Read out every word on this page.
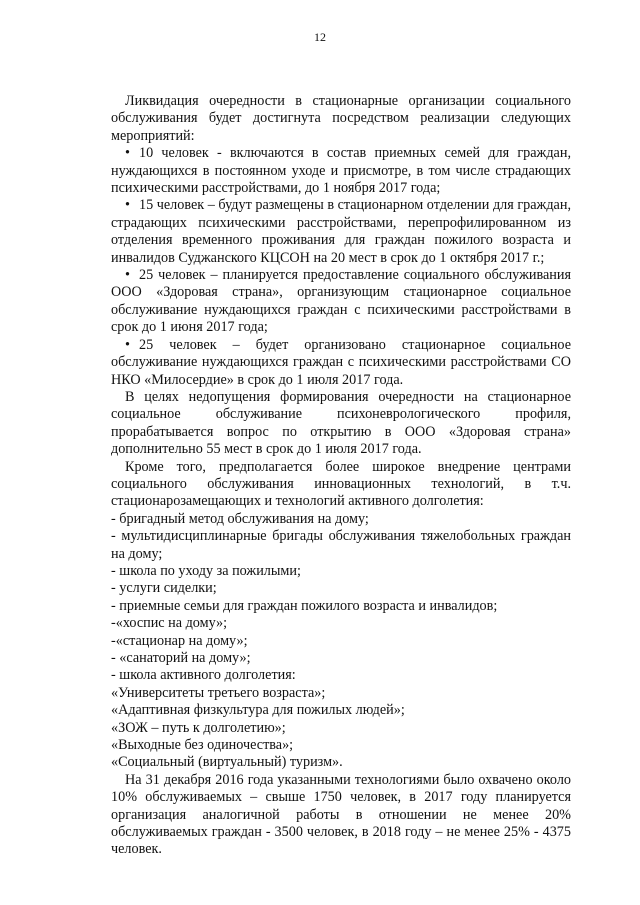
12

Ликвидация очередности в стационарные организации социального обслуживания будет достигнута посредством реализации следующих мероприятий:

• 10 человек - включаются в состав приемных семей для граждан, нуждающихся в постоянном уходе и присмотре, в том числе страдающих психическими расстройствами, до 1 ноября 2017 года;

• 15 человек – будут размещены в стационарном отделении для граждан, страдающих психическими расстройствами, перепрофилированном из отделения временного проживания для граждан пожилого возраста и инвалидов Суджанского КЦСОН на 20 мест в срок до 1 октября 2017 г.;

• 25 человек – планируется предоставление социального обслуживания ООО «Здоровая страна», организующим стационарное социальное обслуживание нуждающихся граждан с психическими расстройствами в срок до 1 июня 2017 года;

• 25 человек – будет организовано стационарное социальное обслуживание нуждающихся граждан с психическими расстройствами СО НКО «Милосердие» в срок до 1 июля 2017 года.

В целях недопущения формирования очередности на стационарное социальное обслуживание психоневрологического профиля, прорабатывается вопрос по открытию в ООО «Здоровая страна» дополнительно 55 мест в срок до 1 июля 2017 года.

Кроме того, предполагается более широкое внедрение центрами социального обслуживания инновационных технологий, в т.ч. стационарозамещающих и технологий активного долголетия:

- бригадный метод обслуживания на дому;

- мультидисциплинарные бригады обслуживания тяжелобольных граждан на дому;

- школа по уходу за пожилыми;

- услуги сиделки;

- приемные семьи для граждан пожилого возраста и инвалидов;

-«хоспис на дому»;

-«стационар на дому»;

- «санаторий на дому»;

- школа активного долголетия:

«Университеты третьего возраста»;

«Адаптивная физкультура для пожилых людей»;

«ЗОЖ – путь к долголетию»;

«Выходные без одиночества»;

«Социальный (виртуальный) туризм».

На 31 декабря 2016 года указанными технологиями было охвачено около 10% обслуживаемых – свыше 1750 человек, в 2017 году планируется организация аналогичной работы в отношении не менее 20% обслуживаемых граждан - 3500 человек, в 2018 году – не менее 25% - 4375 человек.
